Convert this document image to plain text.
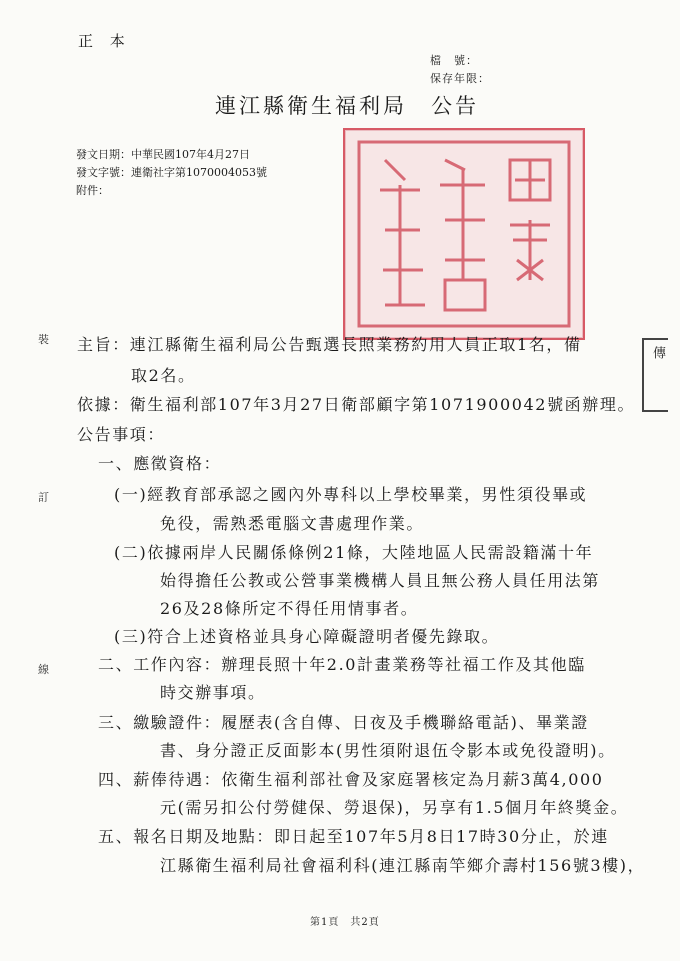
正 本
檔　號：
保存年限：
連江縣衛生福利局　公告
發文日期：中華民國107年4月27日
發文字號：連衛社字第1070004053號
附件：
裝
訂
線
傳
主旨：連江縣衛生福利局公告甄選長照業務約用人員正取1名，備
取2名。
依據：衛生福利部107年3月27日衛部顧字第1071900042號函辦理。
公告事項：
一、應徵資格：
(一)經教育部承認之國內外專科以上學校畢業，男性須役畢或
免役，需熟悉電腦文書處理作業。
(二)依據兩岸人民關係條例21條，大陸地區人民需設籍滿十年
始得擔任公教或公營事業機構人員且無公務人員任用法第
26及28條所定不得任用情事者。
(三)符合上述資格並具身心障礙證明者優先錄取。
二、工作內容：辦理長照十年2.0計畫業務等社福工作及其他臨
時交辦事項。
三、繳驗證件：履歷表(含自傳、日夜及手機聯絡電話)、畢業證
書、身分證正反面影本(男性須附退伍令影本或免役證明)。
四、薪俸待遇：依衛生福利部社會及家庭署核定為月薪3萬4,000
元(需另扣公付勞健保、勞退保)，另享有1.5個月年終獎金。
五、報名日期及地點：即日起至107年5月8日17時30分止，於連
江縣衛生福利局社會福利科(連江縣南竿鄉介壽村156號3樓)，
第1頁　共2頁
